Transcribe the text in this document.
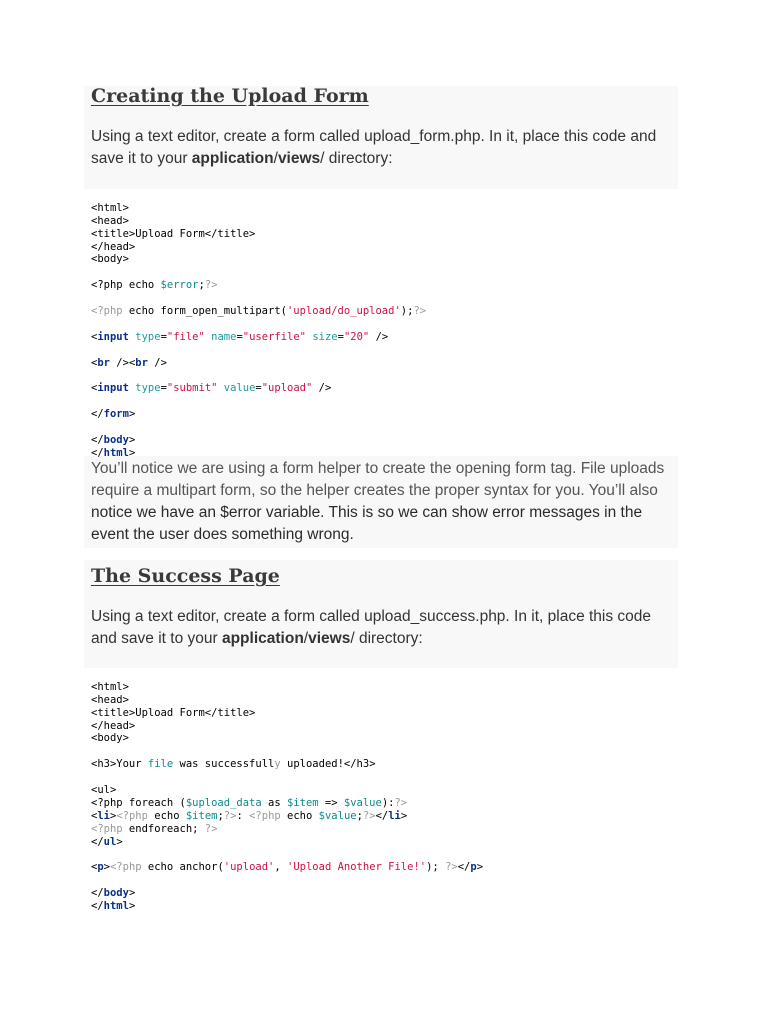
Creating the Upload Form
Using a text editor, create a form called upload_form.php. In it, place this code and save it to your application/views/ directory:

<html>
<head>
<title>Upload Form</title>
</head>
<body>
<?php echo $error;?>
<?php echo form_open_multipart('upload/do_upload');?>
<input type="file" name="userfile" size="20" />
<br /><br />
<input type="submit" value="upload" />
</form>
</body>
</html>

You’ll notice we are using a form helper to create the opening form tag. File uploads require a multipart form, so the helper creates the proper syntax for you. You’ll also notice we have an $error variable. This is so we can show error messages in the event the user does something wrong.
The Success Page
Using a text editor, create a form called upload_success.php. In it, place this code and save it to your application/views/ directory:

<html>
<head>
<title>Upload Form</title>
</head>
<body>
<h3>Your file was successfully uploaded!</h3>
<ul>
<?php foreach ($upload_data as $item => $value):?>
<li><?php echo $item;?>: <?php echo $value;?></li>
<?php endforeach; ?>
</ul>
<p><?php echo anchor('upload', 'Upload Another File!'); ?></p>
</body>
</html>
